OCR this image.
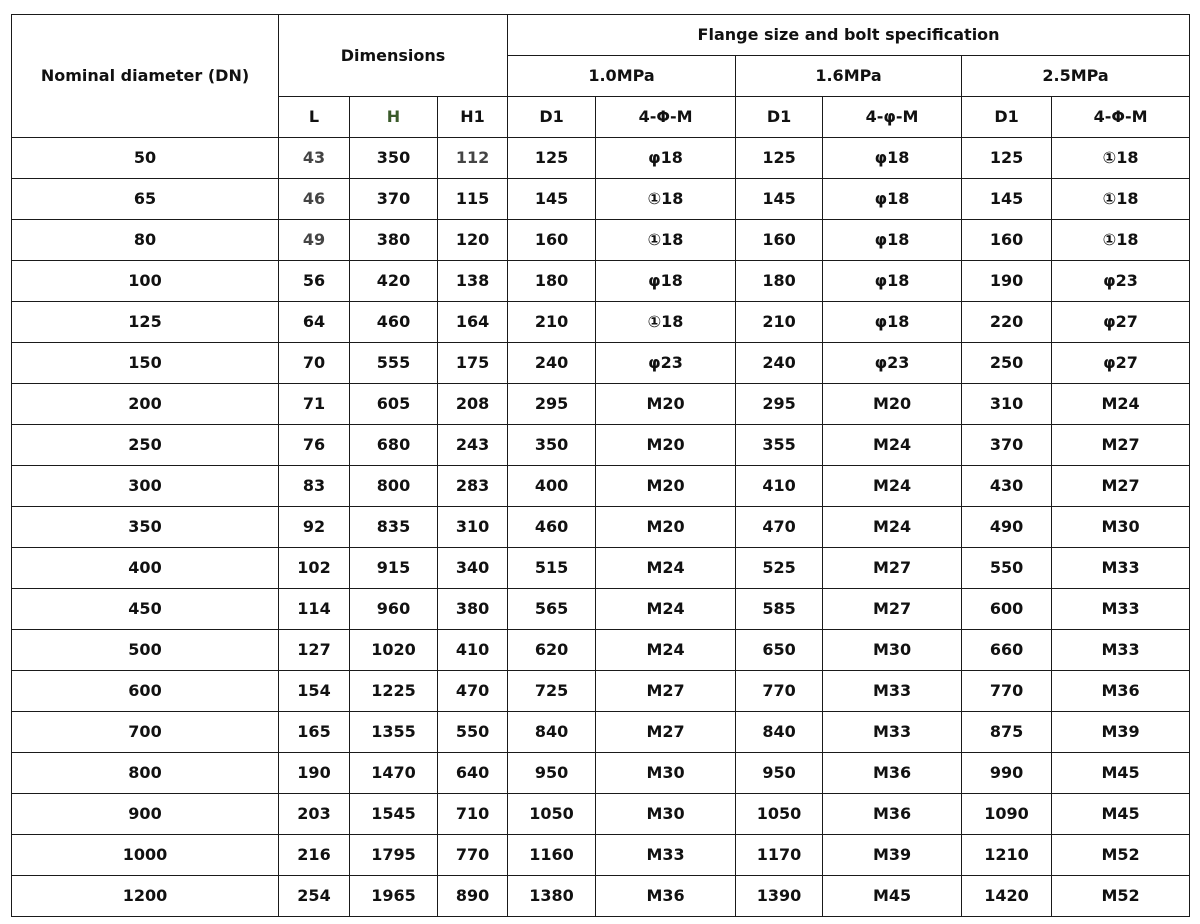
Nominal diameter (DN)	Dimensions			Flange size and bolt specification					
				1.0MPa		1.6MPa		2.5MPa	
	L	H	H1	D1	4-Φ-M	D1	4-φ-M	D1	4-Φ-M
50	43	350	112	125	φ18	125	φ18	125	①18
65	46	370	115	145	①18	145	φ18	145	①18
80	49	380	120	160	①18	160	φ18	160	①18
100	56	420	138	180	φ18	180	φ18	190	φ23
125	64	460	164	210	①18	210	φ18	220	φ27
150	70	555	175	240	φ23	240	φ23	250	φ27
200	71	605	208	295	M20	295	M20	310	M24
250	76	680	243	350	M20	355	M24	370	M27
300	83	800	283	400	M20	410	M24	430	M27
350	92	835	310	460	M20	470	M24	490	M30
400	102	915	340	515	M24	525	M27	550	M33
450	114	960	380	565	M24	585	M27	600	M33
500	127	1020	410	620	M24	650	M30	660	M33
600	154	1225	470	725	M27	770	M33	770	M36
700	165	1355	550	840	M27	840	M33	875	M39
800	190	1470	640	950	M30	950	M36	990	M45
900	203	1545	710	1050	M30	1050	M36	1090	M45
1000	216	1795	770	1160	M33	1170	M39	1210	M52
1200	254	1965	890	1380	M36	1390	M45	1420	M52
